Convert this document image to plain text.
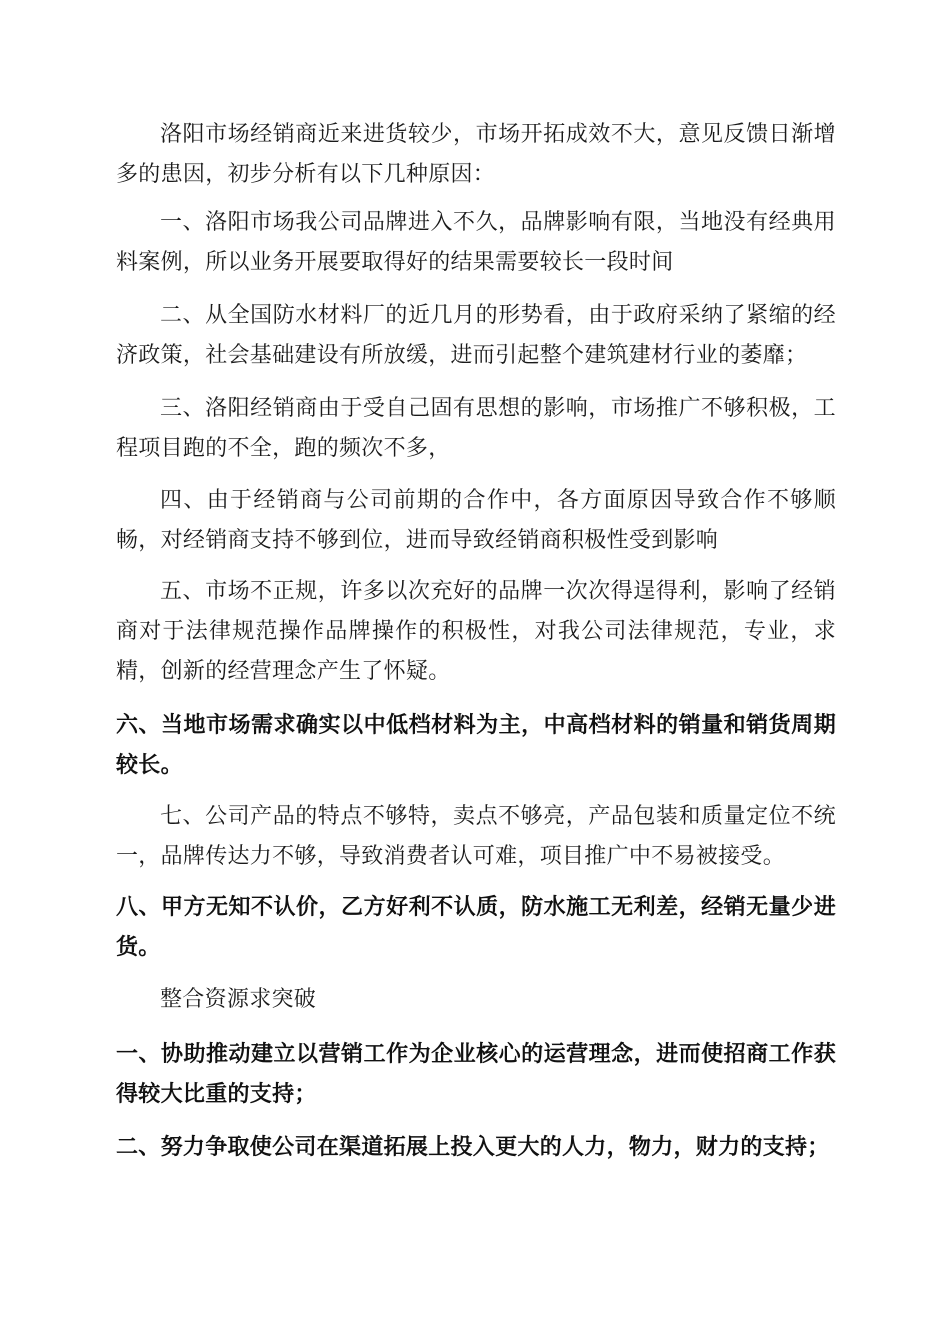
洛阳市场经销商近来进货较少，市场开拓成效不大，意见反馈日渐增多的患因，初步分析有以下几种原因：

一、洛阳市场我公司品牌进入不久，品牌影响有限，当地没有经典用料案例，所以业务开展要取得好的结果需要较长一段时间

二、从全国防水材料厂的近几月的形势看，由于政府采纳了紧缩的经济政策，社会基础建设有所放缓，进而引起整个建筑建材行业的萎靡；

三、洛阳经销商由于受自己固有思想的影响，市场推广不够积极，工程项目跑的不全，跑的频次不多，

四、由于经销商与公司前期的合作中，各方面原因导致合作不够顺畅，对经销商支持不够到位，进而导致经销商积极性受到影响

五、市场不正规，许多以次充好的品牌一次次得逞得利，影响了经销商对于法律规范操作品牌操作的积极性，对我公司法律规范，专业，求精，创新的经营理念产生了怀疑。

六、当地市场需求确实以中低档材料为主，中高档材料的销量和销货周期较长。

七、公司产品的特点不够特，卖点不够亮，产品包装和质量定位不统一，品牌传达力不够，导致消费者认可难，项目推广中不易被接受。

八、甲方无知不认价，乙方好利不认质，防水施工无利差，经销无量少进货。

整合资源求突破

一、协助推动建立以营销工作为企业核心的运营理念，进而使招商工作获得较大比重的支持；

二、努力争取使公司在渠道拓展上投入更大的人力，物力，财力的支持；
